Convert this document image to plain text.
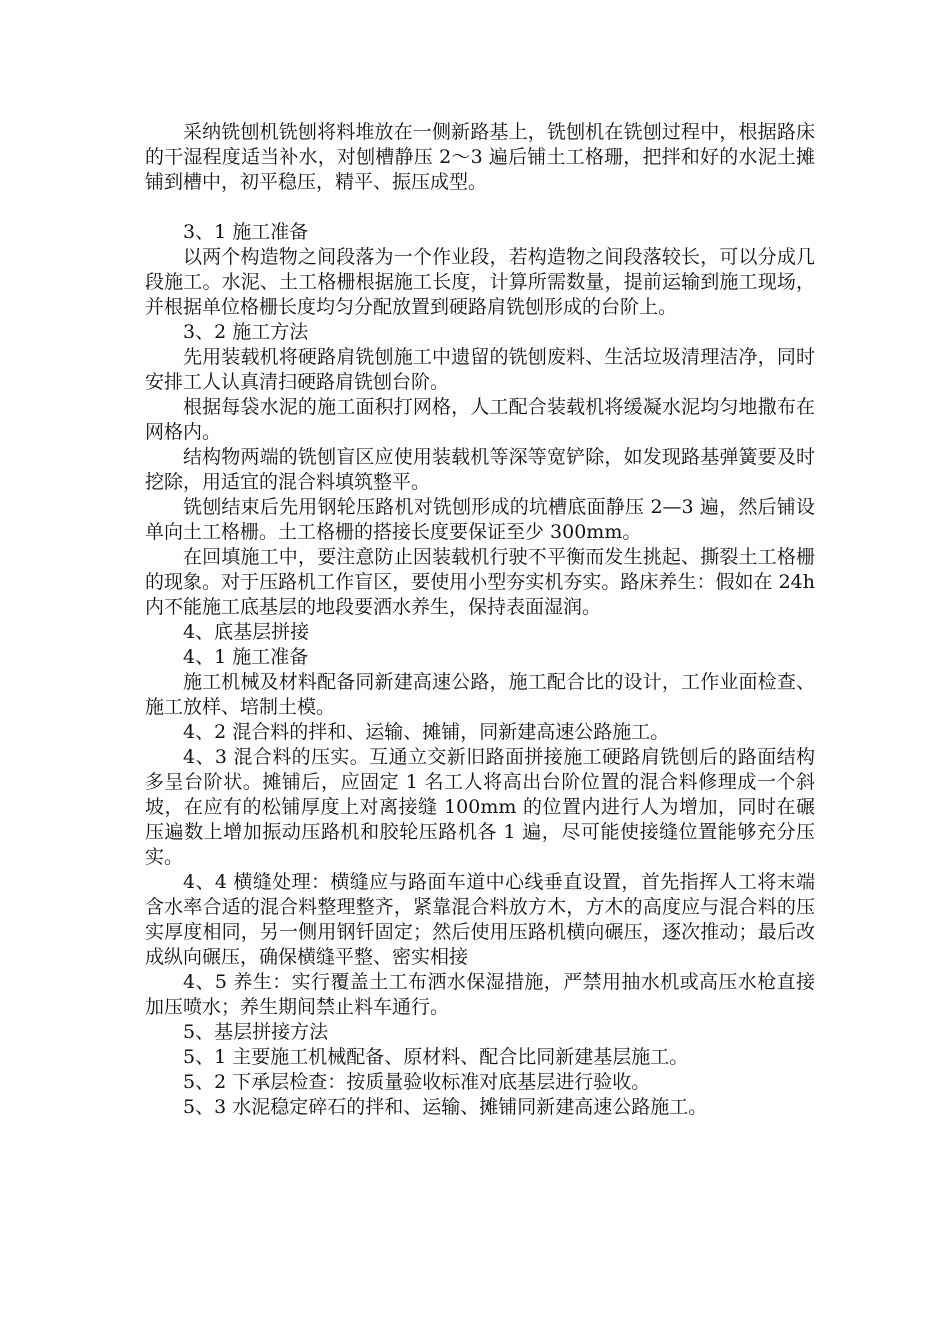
采纳铣刨机铣刨将料堆放在一侧新路基上，铣刨机在铣刨过程中，根据路床的干湿程度适当补水，对刨槽静压 2～3 遍后铺土工格珊，把拌和好的水泥土摊铺到槽中，初平稳压，精平、振压成型。

3、1 施工准备

以两个构造物之间段落为一个作业段，若构造物之间段落较长，可以分成几段施工。水泥、土工格栅根据施工长度，计算所需数量，提前运输到施工现场，并根据单位格栅长度均匀分配放置到硬路肩铣刨形成的台阶上。

3、2 施工方法

先用装载机将硬路肩铣刨施工中遗留的铣刨废料、生活垃圾清理洁净，同时安排工人认真清扫硬路肩铣刨台阶。

根据每袋水泥的施工面积打网格，人工配合装载机将缓凝水泥均匀地撒布在网格内。

结构物两端的铣刨盲区应使用装载机等深等宽铲除，如发现路基弹簧要及时挖除，用适宜的混合料填筑整平。

铣刨结束后先用钢轮压路机对铣刨形成的坑槽底面静压 2—3 遍，然后铺设单向土工格栅。土工格栅的搭接长度要保证至少 300mm。

在回填施工中，要注意防止因装载机行驶不平衡而发生挑起、撕裂土工格栅的现象。对于压路机工作盲区，要使用小型夯实机夯实。路床养生：假如在 24h 内不能施工底基层的地段要洒水养生，保持表面湿润。

4、底基层拼接

4、1 施工准备

施工机械及材料配备同新建高速公路，施工配合比的设计，工作业面检查、施工放样、培制土模。

4、2 混合料的拌和、运输、摊铺，同新建高速公路施工。

4、3 混合料的压实。互通立交新旧路面拼接施工硬路肩铣刨后的路面结构多呈台阶状。摊铺后，应固定 1 名工人将高出台阶位置的混合料修理成一个斜坡，在应有的松铺厚度上对离接缝 100mm 的位置内进行人为增加，同时在碾压遍数上增加振动压路机和胶轮压路机各 1 遍，尽可能使接缝位置能够充分压实。

4、4 横缝处理：横缝应与路面车道中心线垂直设置，首先指挥人工将末端含水率合适的混合料整理整齐，紧靠混合料放方木，方木的高度应与混合料的压实厚度相同，另一侧用钢钎固定；然后使用压路机横向碾压，逐次推动；最后改成纵向碾压，确保横缝平整、密实相接

4、5 养生：实行覆盖土工布洒水保湿措施，严禁用抽水机或高压水枪直接加压喷水；养生期间禁止料车通行。

5、基层拼接方法

5、1 主要施工机械配备、原材料、配合比同新建基层施工。

5、2 下承层检查：按质量验收标准对底基层进行验收。

5、3 水泥稳定碎石的拌和、运输、摊铺同新建高速公路施工。
